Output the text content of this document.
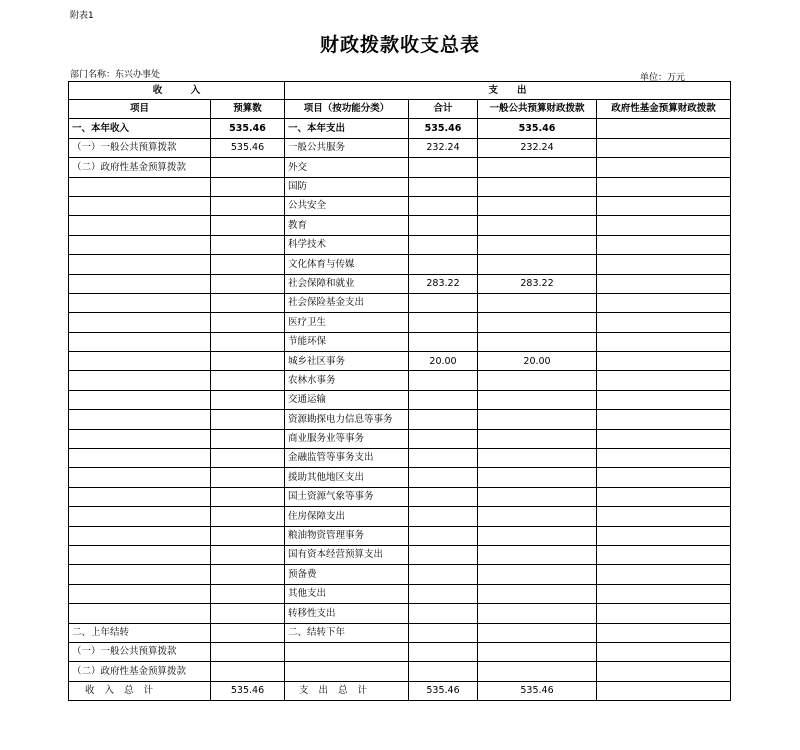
附表1
财政拨款收支总表
部门名称：东兴办事处	单位：万元
收　　　入		支　　出			
项目	预算数	项目（按功能分类）	合计	一般公共预算财政拨款	政府性基金预算财政拨款
一、本年收入	535.46	一、本年支出	535.46	535.46	
（一）一般公共预算拨款	535.46	一般公共服务	232.24	232.24	
（二）政府性基金预算拨款		外交			
		国防			
		公共安全			
		教育			
		科学技术			
		文化体育与传媒			
		社会保障和就业	283.22	283.22	
		社会保险基金支出			
		医疗卫生			
		节能环保			
		城乡社区事务	20.00	20.00	
		农林水事务			
		交通运输			
		资源勘探电力信息等事务			
		商业服务业等事务			
		金融监管等事务支出			
		援助其他地区支出			
		国土资源气象等事务			
		住房保障支出			
		粮油物资管理事务			
		国有资本经营预算支出			
		预备费			
		其他支出			
		转移性支出			
二、上年结转		二、结转下年			
（一）一般公共预算拨款					
（二）政府性基金预算拨款					
收入总计	535.46	支出总计	535.46	535.46	
